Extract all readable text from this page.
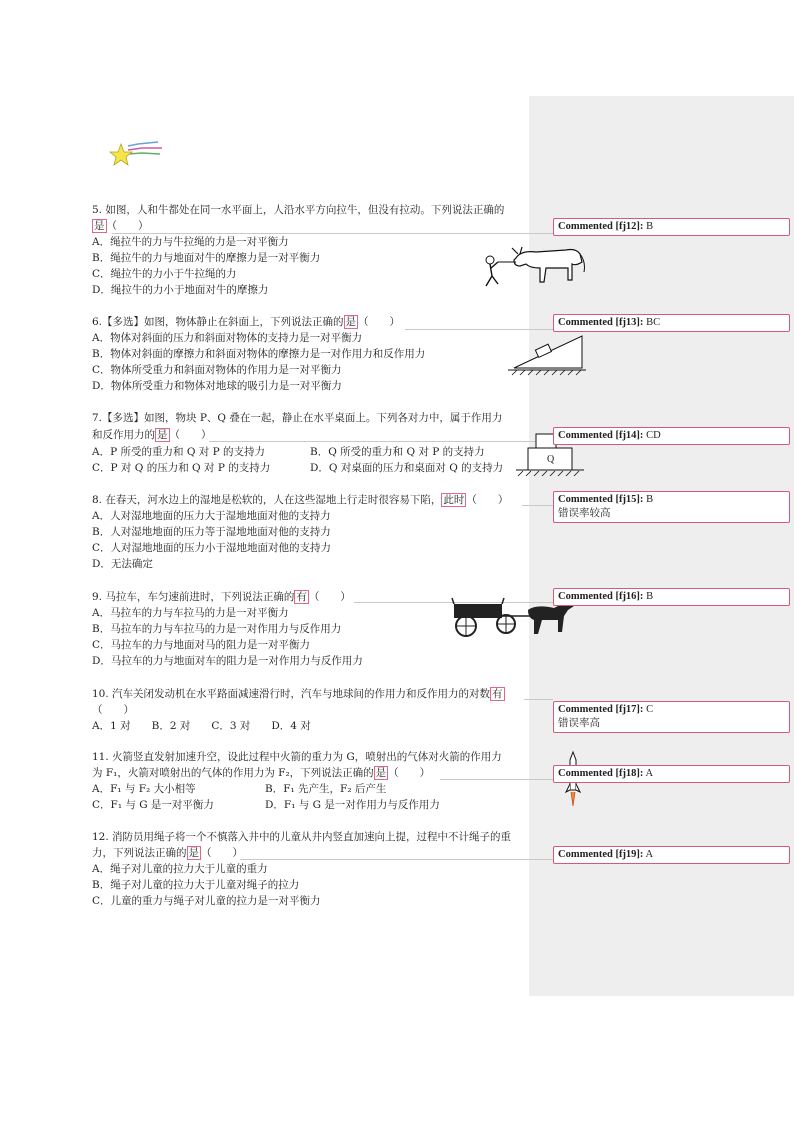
5. 如图，人和牛都处在同一水平面上，人沿水平方向拉牛，但没有拉动。下列说法正确的
是 （　　）
A．绳拉牛的力与牛拉绳的力是一对平衡力
B．绳拉牛的力与地面对牛的摩擦力是一对平衡力
C．绳拉牛的力小于牛拉绳的力
D．绳拉牛的力小于地面对牛的摩擦力
6.【多选】如图，物体静止在斜面上，下列说法正确的 是 （　　）
A．物体对斜面的压力和斜面对物体的支持力是一对平衡力
B．物体对斜面的摩擦力和斜面对物体的摩擦力是一对作用力和反作用力
C．物体所受重力和斜面对物体的作用力是一对平衡力
D．物体所受重力和物体对地球的吸引力是一对平衡力
7.【多选】如图，物块 P、Q 叠在一起，静止在水平桌面上。下列各对力中，属于作用力
和反作用力的 是 （　　）
A．P 所受的重力和 Q 对 P 的支持力	B．Q 所受的重力和 Q 对 P 的支持力
C．P 对 Q 的压力和 Q 对 P 的支持力	D．Q 对桌面的压力和桌面对 Q 的支持力
8. 在春天，河水边上的湿地是松软的，人在这些湿地上行走时很容易下陷， 此时 （　　）
A．人对湿地地面的压力大于湿地地面对他的支持力
B．人对湿地地面的压力等于湿地地面对他的支持力
C．人对湿地地面的压力小于湿地地面对他的支持力
D．无法确定
9. 马拉车，车匀速前进时，下列说法正确的 有 （　　）
A．马拉车的力与车拉马的力是一对平衡力
B．马拉车的力与车拉马的力是一对作用力与反作用力
C．马拉车的力与地面对马的阻力是一对平衡力
D．马拉车的力与地面对车的阻力是一对作用力与反作用力
10. 汽车关闭发动机在水平路面减速滑行时，汽车与地球间的作用力和反作用力的对数 有
（　　）
A．1 对　　B．2 对　　C．3 对　　D．4 对
11. 火箭竖直发射加速升空，设此过程中火箭的重力为 G，喷射出的气体对火箭的作用力
为 F₁，火箭对喷射出的气体的作用力为 F₂，下列说法正确的 是 （　　）
A．F₁ 与 F₂ 大小相等	B．F₁ 先产生，F₂ 后产生
C．F₁ 与 G 是一对平衡力	D．F₁ 与 G 是一对作用力与反作用力
12. 消防员用绳子将一个不慎落入井中的儿童从井内竖直加速向上提，过程中不计绳子的重
力，下列说法正确的 是 （　　）
A．绳子对儿童的拉力大于儿童的重力
B．绳子对儿童的拉力大于儿童对绳子的拉力
C．儿童的重力与绳子对儿童的拉力是一对平衡力
Q
Commented [fj12]: B
Commented [fj13]: BC
Commented [fj14]: CD
Commented [fj15]: B
错误率较高
Commented [fj16]: B
Commented [fj17]: C
错误率高
Commented [fj18]: A
Commented [fj19]: A
